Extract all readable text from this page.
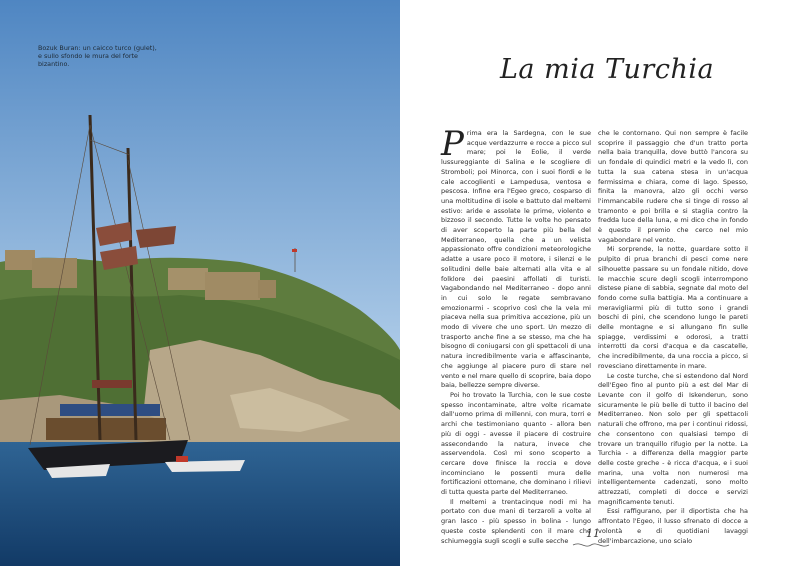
Bozuk Buran: un caicco turco (gulet), e sullo sfondo le mura del forte bizantino.	La mia Turchia

Prima era la Sardegna, con le sue acque verdazzurre e rocce a picco sul mare; poi le Eolie, il verde lussureggiante di Salina e le scogliere di Stromboli; poi Minorca, con i suoi fiordi e le cale accoglienti e Lampedusa, ventosa e pescosa. Infine era l'Egeo greco, cosparso di una moltitudine di isole e battuto dal meltemi estivo: aride e assolate le prime, violento e bizzoso il secondo. Tutte le volte ho pensato di aver scoperto la parte più bella del Mediterraneo, quella che a un velista appassionato offre condizioni meteorologiche adatte a usare poco il motore, i silenzi e le solitudini delle baie alternati alla vita e al folklore dei paesini affollati di turisti. Vagabondando nel Mediterraneo - dopo anni in cui solo le regate sembravano emozionarmi - scoprivo così che la vela mi piaceva nella sua primitiva accezione, più un modo di vivere che uno sport. Un mezzo di trasporto anche fine a se stesso, ma che ha bisogno di coniugarsi con gli spettacoli di una natura incredibilmente varia e affascinante, che aggiunge al piacere puro di stare nel vento e nel mare quello di scoprire, baia dopo baia, bellezze sempre diverse.

Poi ho trovato la Turchia, con le sue coste spesso incontaminate, altre volte ricamate dall'uomo prima di millenni, con mura, torri e archi che testimoniano quanto - allora ben più di oggi - avesse il piacere di costruire assecondando la natura, invece che asservendola. Così mi sono scoperto a cercare dove finisce la roccia e dove incominciano le possenti mura delle fortificazioni ottomane, che dominano i rilievi di tutta questa parte del Mediterraneo.

Il meltemi a trentacinque nodi mi ha portato con due mani di terzaroli a volte al gran lasco - più spesso in bolina - lungo queste coste splendenti con il mare che schiumeggia sugli scogli e sulle secche

che le contornano. Qui non sempre è facile scoprire il passaggio che d'un tratto porta nella baia tranquilla, dove buttò l'ancora su un fondale di quindici metri e la vedo lì, con tutta la sua catena stesa in un'acqua fermissima e chiara, come di lago. Spesso, finita la manovra, alzo gli occhi verso l'immancabile rudere che si tinge di rosso al tramonto e poi brilla e si staglia contro la fredda luce della luna, e mi dico che in fondo è questo il premio che cerco nel mio vagabondare nel vento.

Mi sorprende, la notte, guardare sotto il pulpito di prua branchi di pesci come nere silhouette passare su un fondale nitido, dove le macchie scure degli scogli interrompono distese piane di sabbia, segnate dal moto del fondo come sulla battigia. Ma a continuare a meravigliarmi più di tutto sono i grandi boschi di pini, che scendono lungo le pareti delle montagne e si allungano fin sulle spiagge, verdissimi e odorosi, a tratti interrotti da corsi d'acqua e da cascatelle, che incredibilmente, da una roccia a picco, si rovesciano direttamente in mare.

Le coste turche, che si estendono dal Nord dell'Egeo fino al punto più a est del Mar di Levante con il golfo di Iskenderun, sono sicuramente le più belle di tutto il bacino del Mediterraneo. Non solo per gli spettacoli naturali che offrono, ma per i continui ridossi, che consentono con qualsiasi tempo di trovare un tranquillo rifugio per la notte. La Turchia - a differenza della maggior parte delle coste greche - è ricca d'acqua, e i suoi marina, una volta non numerosi ma intelligentemente cadenzati, sono molto attrezzati, completi di docce e servizi magnificamente tenuti.

Essi raffigurano, per il diportista che ha affrontato l'Egeo, il lusso sfrenato di docce a volontà e di quotidiani lavaggi dell'imbarcazione, uno scialo

11
